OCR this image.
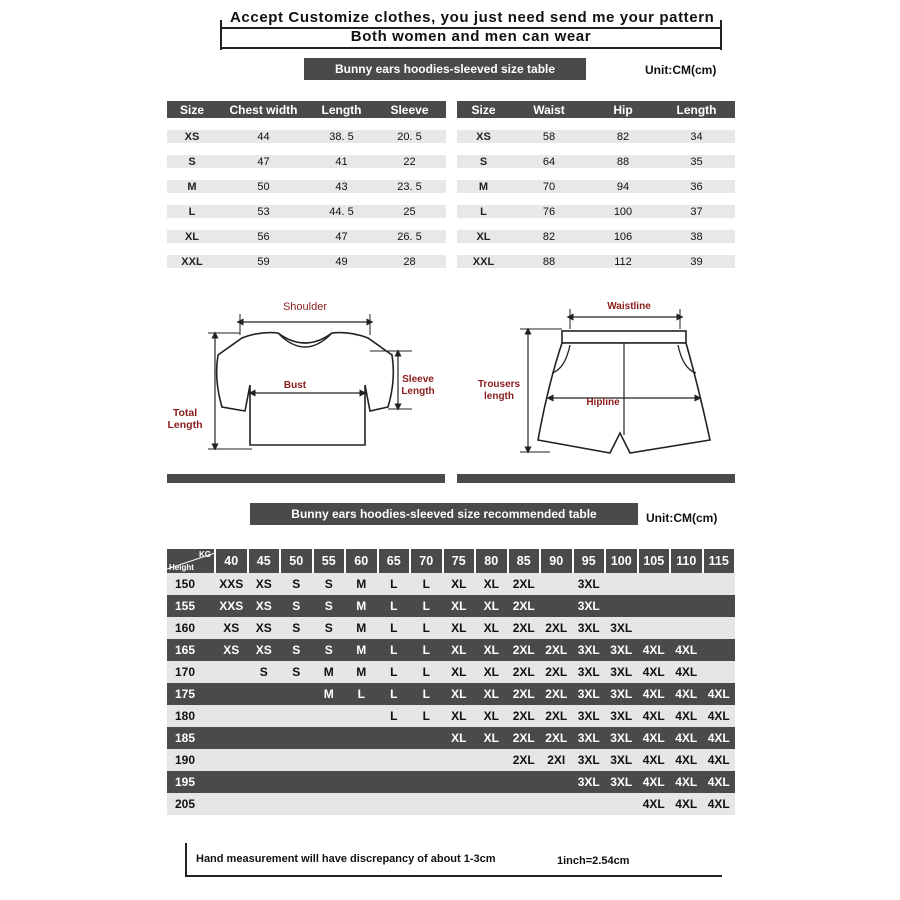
Accept Customize clothes, you just need send me your pattern
Both women and men can wear
Bunny ears hoodies-sleeved size table	Unit:CM(cm)
Size	Chest width	Length	Sleeve

XS	44	38. 5	20. 5

S	47	41	22

M	50	43	23. 5

L	53	44. 5	25

XL	56	47	26. 5

XXL	59	49	28
Size	Waist	Hip	Length

XS	58	82	34

S	64	88	35

M	70	94	36

L	76	100	37

XL	82	106	38

XXL	88	112	39
Shoulder
Bust
Sleeve
Length
Total
Length
Waistline
Hipline
Trousers
length
Bunny ears hoodies-sleeved size recommended table	Unit:CM(cm)
KG
Height	40	45	50	55	60	65	70	75	80	85	90	95	100	105	110	115
150	XXS	XS	S	S	M	L	L	XL	XL	2XL		3XL				
155	XXS	XS	S	S	M	L	L	XL	XL	2XL		3XL				
160	XS	XS	S	S	M	L	L	XL	XL	2XL	2XL	3XL	3XL			
165	XS	XS	S	S	M	L	L	XL	XL	2XL	2XL	3XL	3XL	4XL	4XL	
170		S	S	M	M	L	L	XL	XL	2XL	2XL	3XL	3XL	4XL	4XL	
175				M	L	L	L	XL	XL	2XL	2XL	3XL	3XL	4XL	4XL	4XL
180						L	L	XL	XL	2XL	2XL	3XL	3XL	4XL	4XL	4XL
185								XL	XL	2XL	2XL	3XL	3XL	4XL	4XL	4XL
190										2XL	2XI	3XL	3XL	4XL	4XL	4XL
195												3XL	3XL	4XL	4XL	4XL
205														4XL	4XL	4XL
Hand measurement will have discrepancy of about 1-3cm	1inch=2.54cm
